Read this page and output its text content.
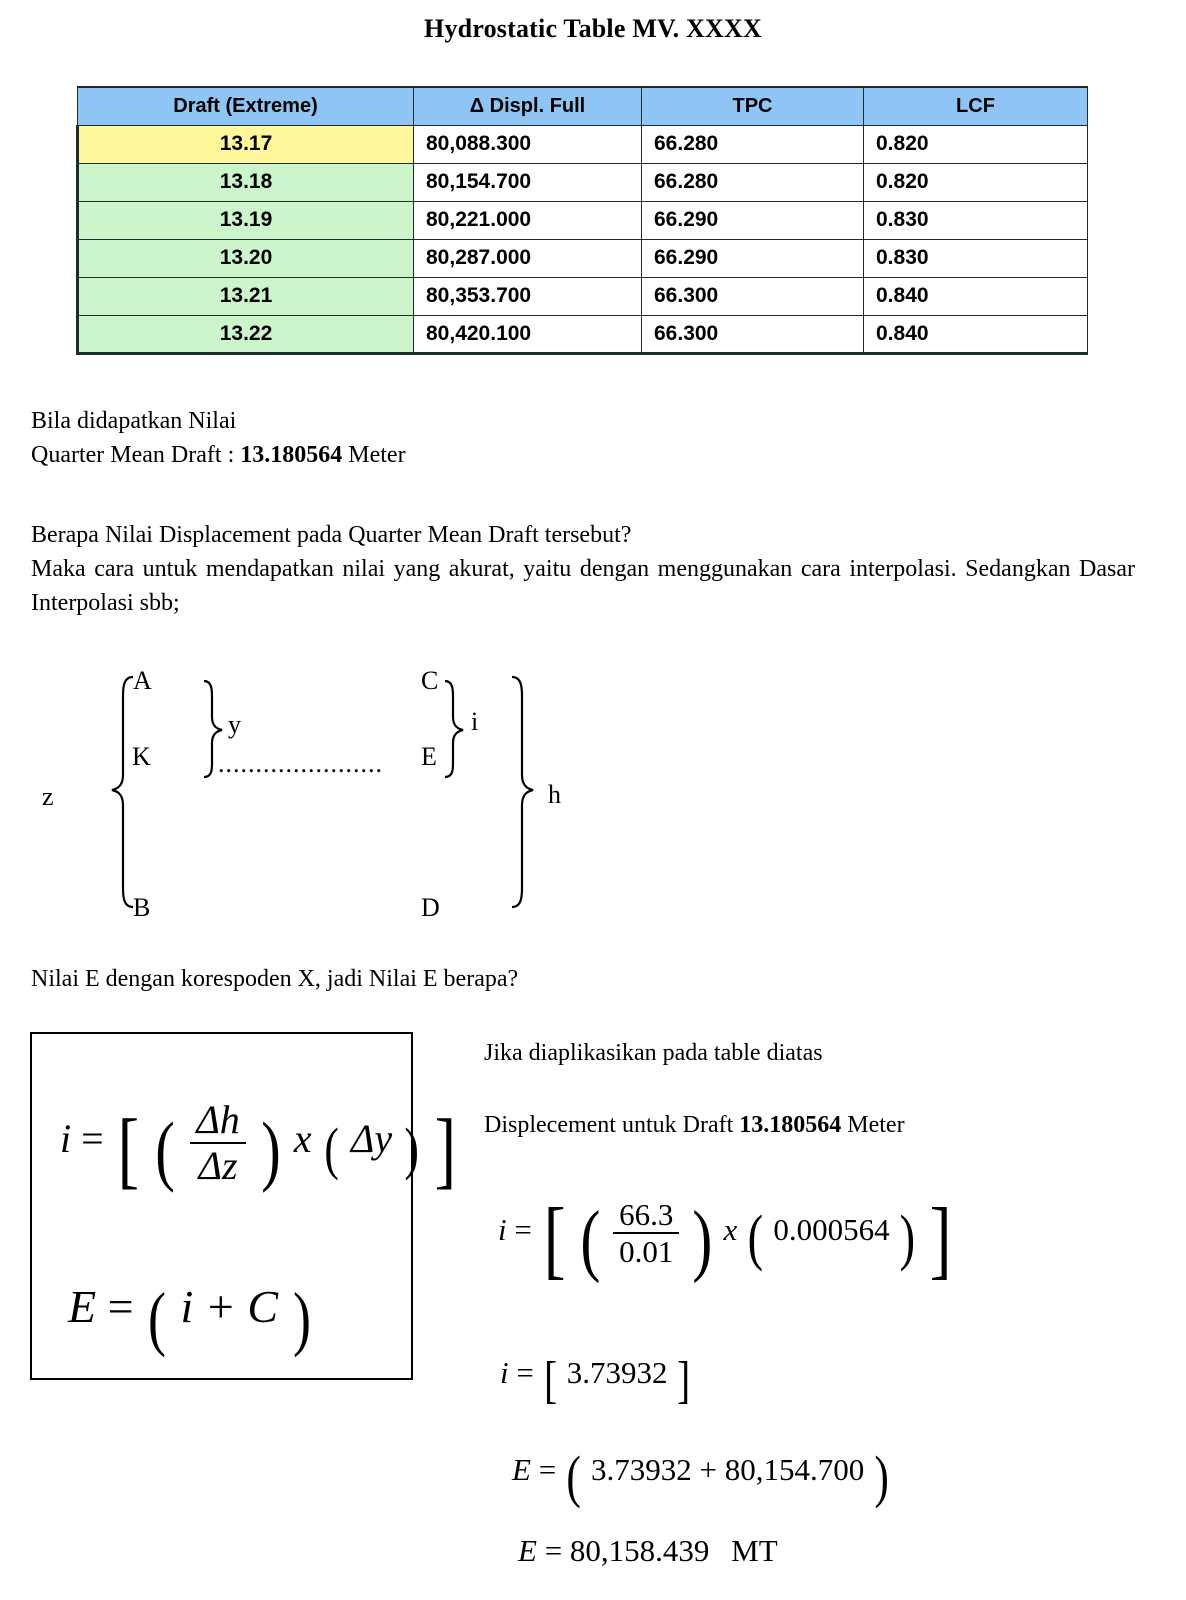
Hydrostatic Table MV. XXXX
Draft (Extreme)	Δ Displ. Full	TPC	LCF
13.17	80,088.300	66.280	0.820
13.18	80,154.700	66.280	0.820
13.19	80,221.000	66.290	0.830
13.20	80,287.000	66.290	0.830
13.21	80,353.700	66.300	0.840
13.22	80,420.100	66.300	0.840
Bila didapatkan Nilai
Quarter Mean Draft : 13.180564 Meter
Berapa Nilai Displacement pada Quarter Mean Draft tersebut?
Maka cara untuk mendapatkan nilai yang akurat, yaitu dengan menggunakan cara interpolasi. Sedangkan Dasar Interpolasi sbb;
z
A
K
B
y
C
E
D
i
h
......................
Nilai E dengan korespoden X, jadi Nilai E berapa?
i = [ ( $\frac{\Delta h}{\Delta z}$ ) x ( Δy ) ]
E = ( i + C )
Jika diaplikasikan pada table diatas
Displecement untuk Draft 13.180564 Meter
i = [ ( $\frac{66.3}{0.01}$ ) x ( 0.000564 ) ]
i = [ 3.73932 ]
E = ( 3.73932 + 80,154.700 )
E = 80,158.439 MT
